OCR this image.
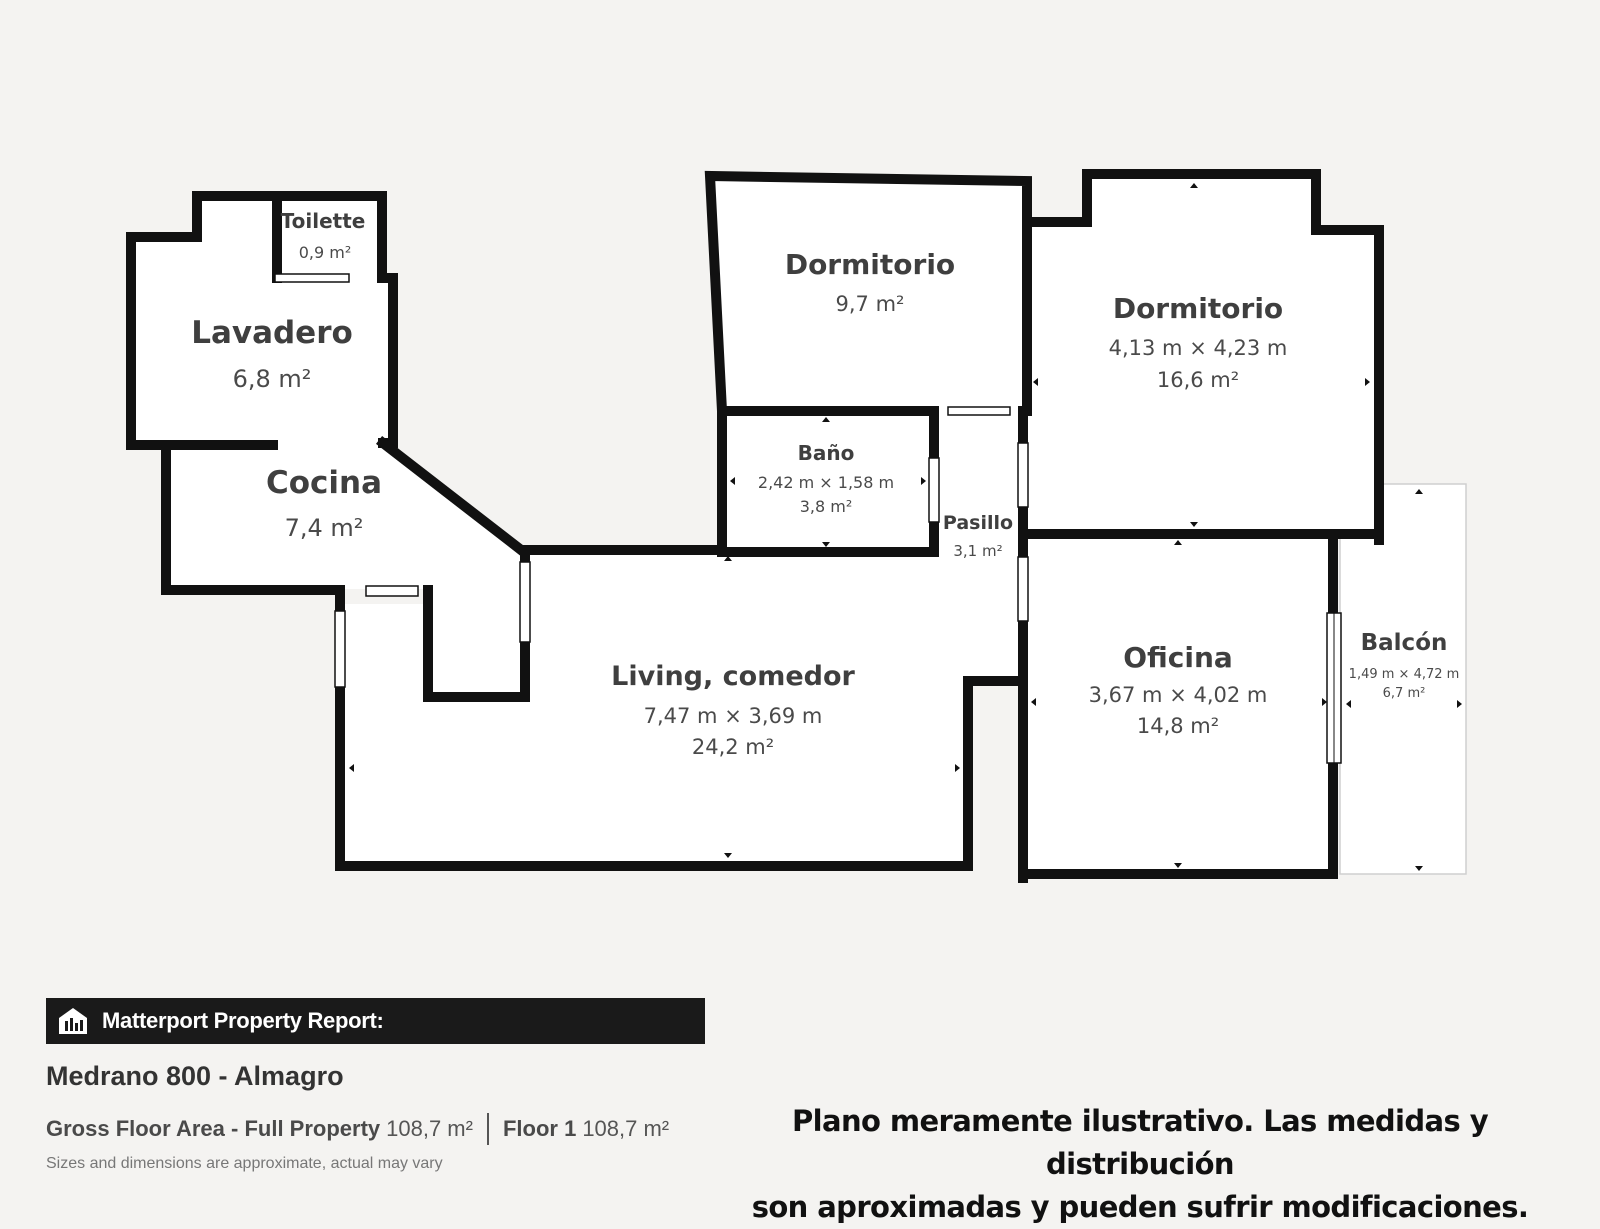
Toilette
0,9 m²
Lavadero
6,8 m²
Cocina
7,4 m²
Dormitorio
9,7 m²	Dormitorio
4,13 m × 4,23 m
16,6 m²
Baño
2,42 m × 1,58 m
3,8 m²
Pasillo
3,1 m²
Living, comedor
7,47 m × 3,69 m
24,2 m²
Oficina
3,67 m × 4,02 m
14,8 m²
Balcón
1,49 m × 4,72 m
6,7 m²
Matterport Property Report:
Medrano 800 - Almagro
Gross Floor Area - Full Property 108,7 m² Floor 1 108,7 m²
Sizes and dimensions are approximate, actual may vary
Plano meramente ilustrativo. Las medidas y distribución
son aproximadas y pueden sufrir modificaciones.
